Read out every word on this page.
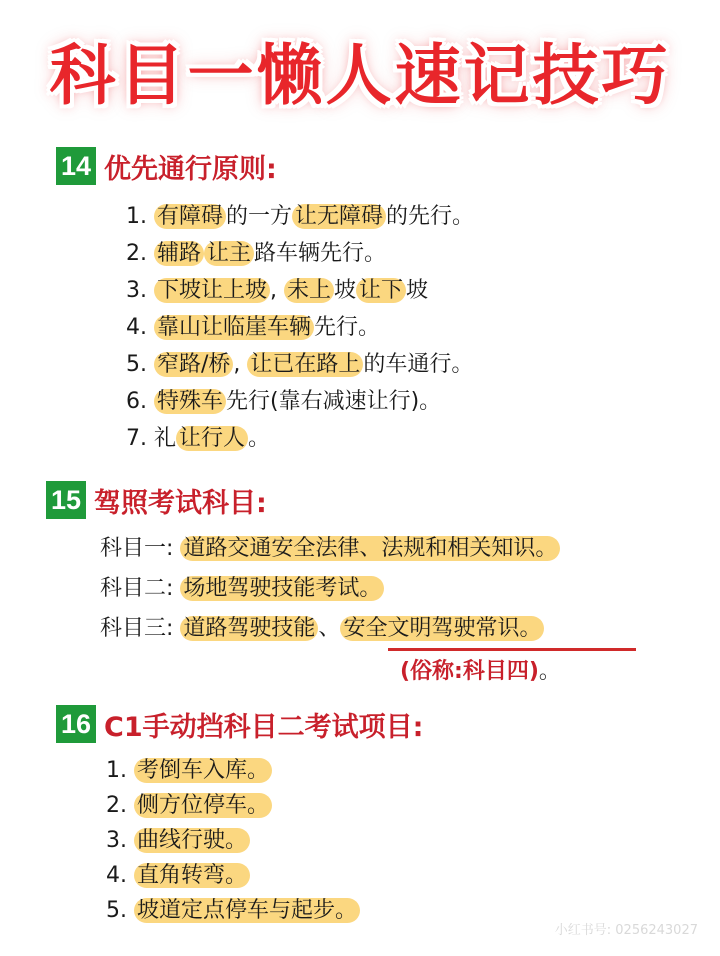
科目一懒人速记技巧
14 优先通行原则:
1. 有障碍 的一方 让无障碍 的先行。
2. 辅路 让主 路车辆先行。
3. 下坡让上坡 , 未上 坡 让下 坡
4. 靠山让临崖车辆 先行。
5. 窄路/桥 , 让已在路上 的车通行。
6. 特殊车 先行(靠右减速让行)。
7. 礼 让行人 。
15 驾照考试科目:
科目一: 道路交通安全法律、法规和相关知识。
科目二: 场地驾驶技能考试。
科目三: 道路驾驶技能 、 安全文明驾驶常识。
(俗称:科目四)。
16 C1手动挡科目二考试项目:
1. 考倒车入库。
2. 侧方位停车。
3. 曲线行驶。
4. 直角转弯。
5. 坡道定点停车与起步。
小红书号: 0256243027
